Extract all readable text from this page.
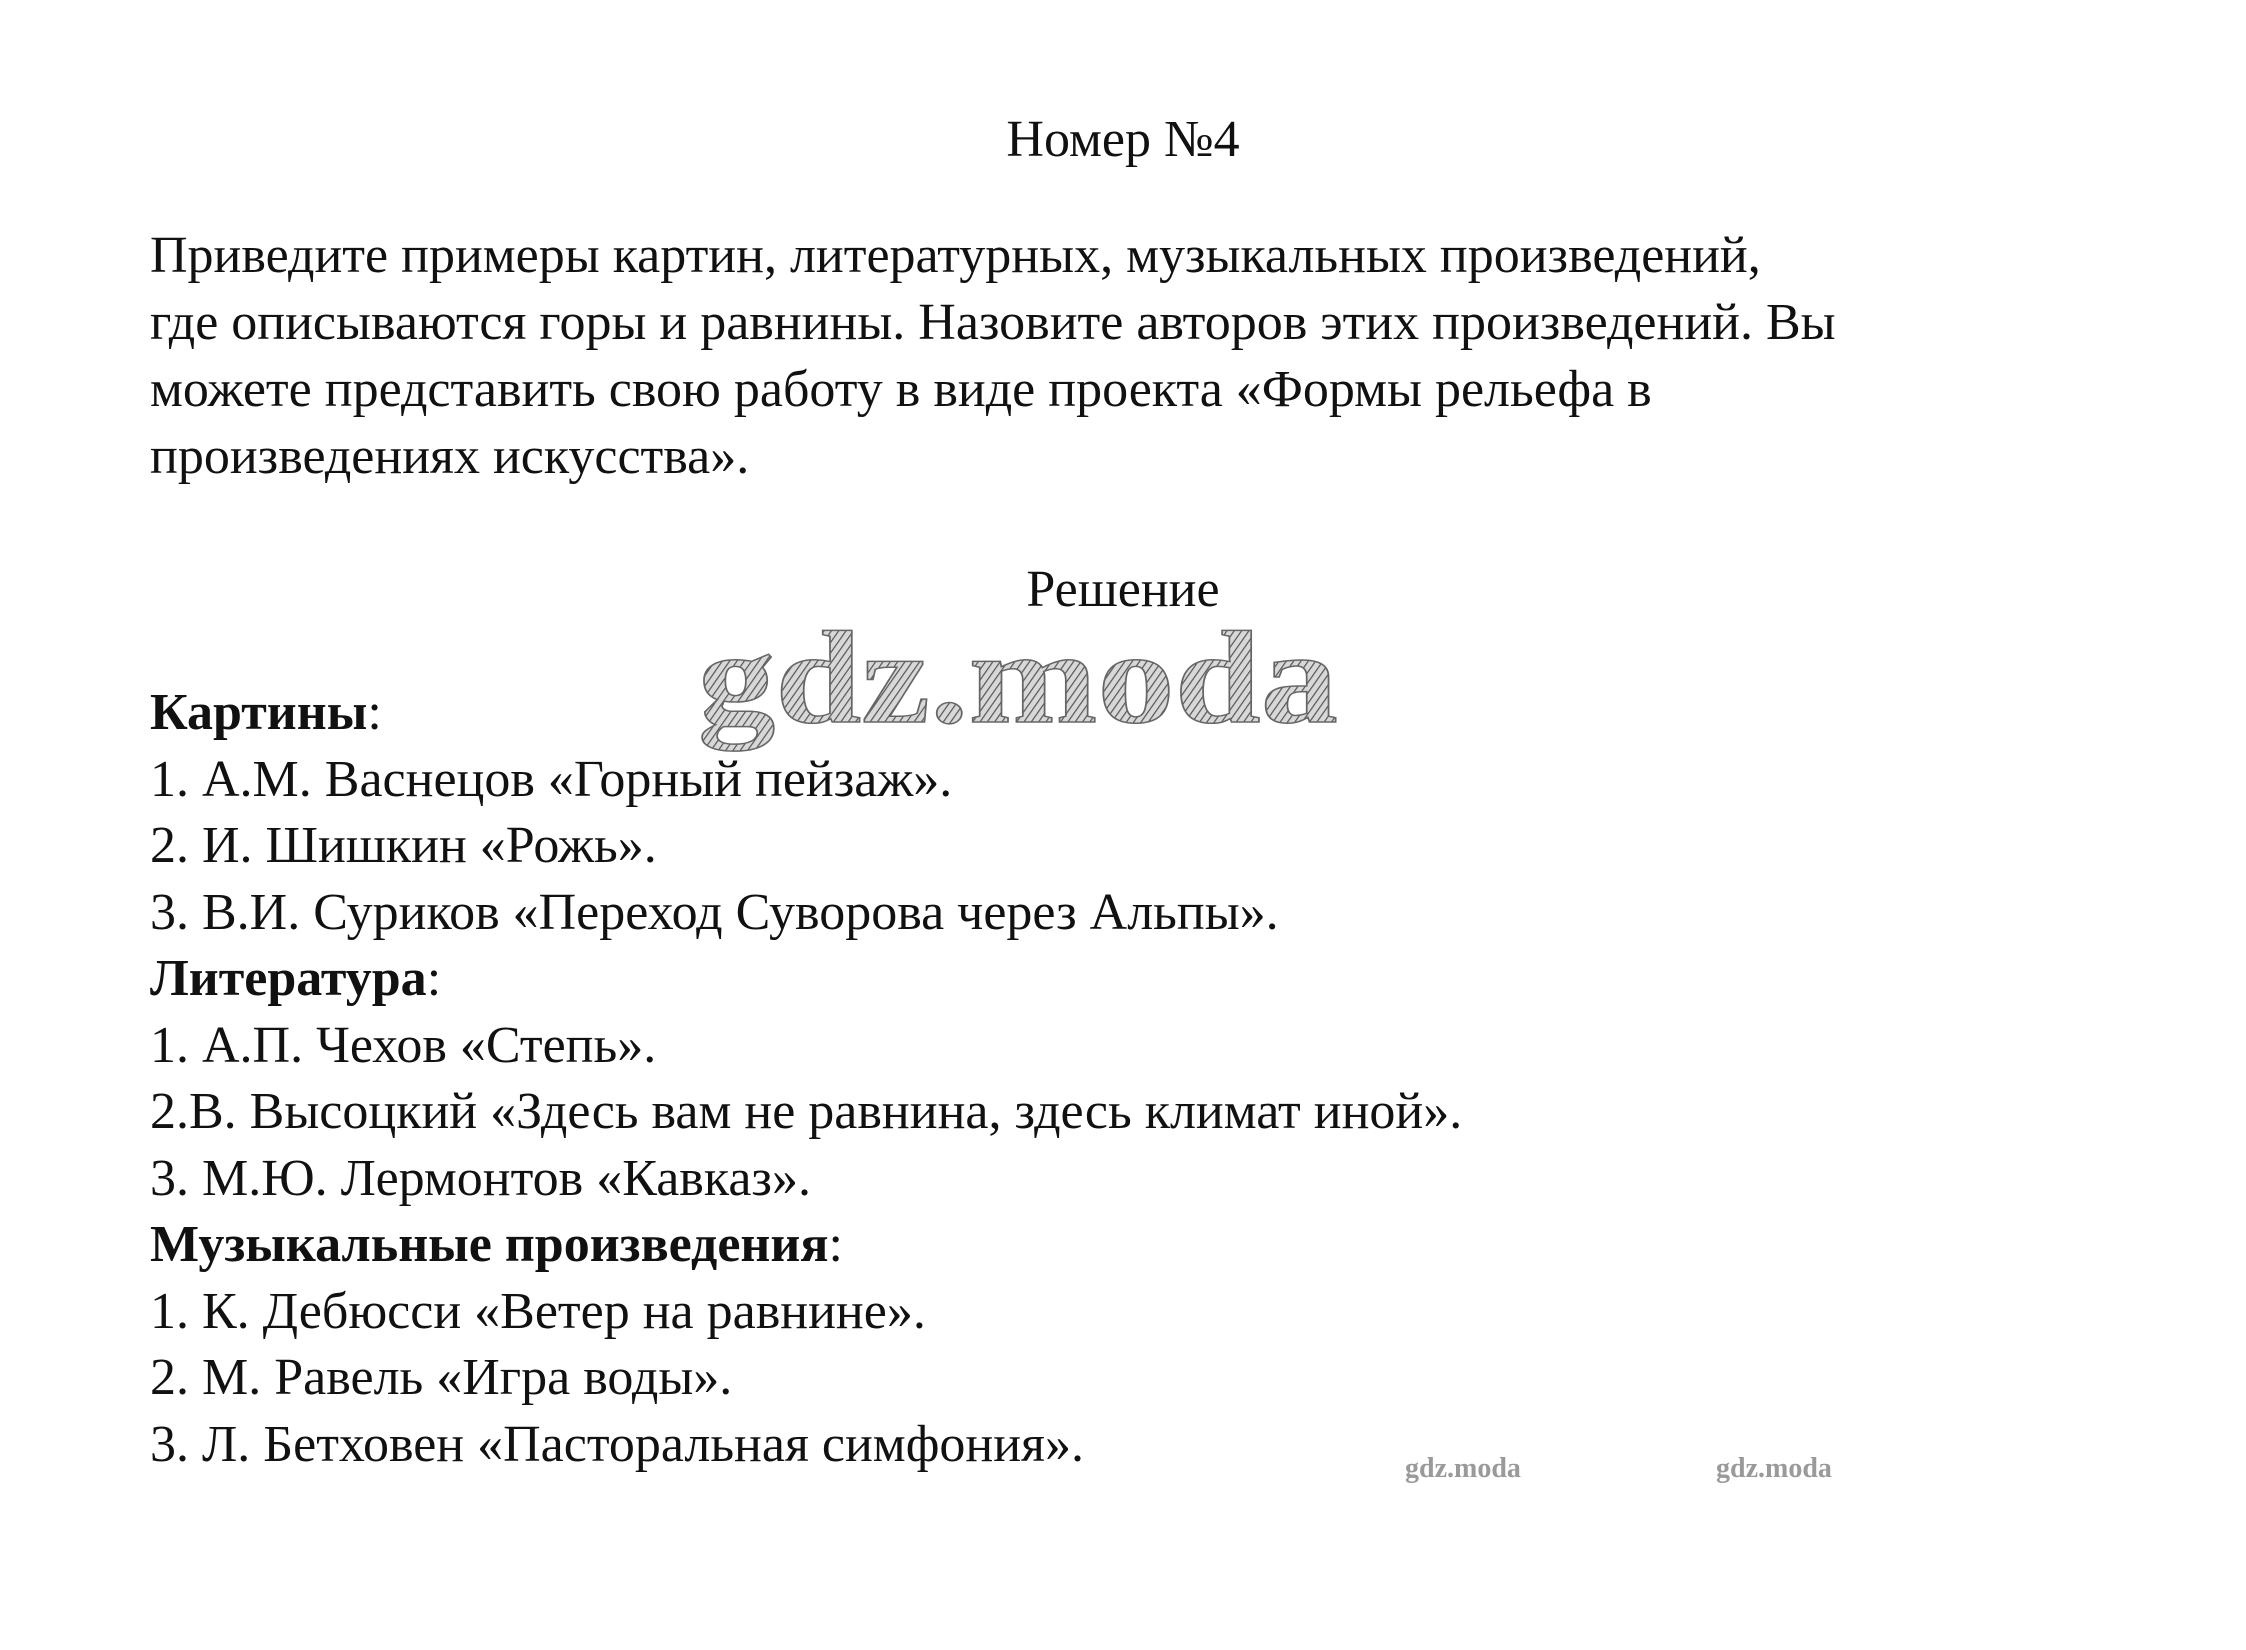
Номер №4
Приведите примеры картин, литературных, музыкальных произведений,
где описываются горы и равнины. Назовите авторов этих произведений. Вы
можете представить свою работу в виде проекта «Формы рельефа в
произведениях искусства».
Решение
gdz.moda
Картины:
1. А.М. Васнецов «Горный пейзаж».
2. И. Шишкин «Рожь».
3. В.И. Суриков «Переход Суворова через Альпы».
Литература:
1. А.П. Чехов «Степь».
2.В. Высоцкий «Здесь вам не равнина, здесь климат иной».
3. М.Ю. Лермонтов «Кавказ».
Музыкальные произведения:
1. К. Дебюсси «Ветер на равнине».
2. М. Равель «Игра воды».
3. Л. Бетховен «Пасторальная симфония».	gdz.moda	gdz.moda
